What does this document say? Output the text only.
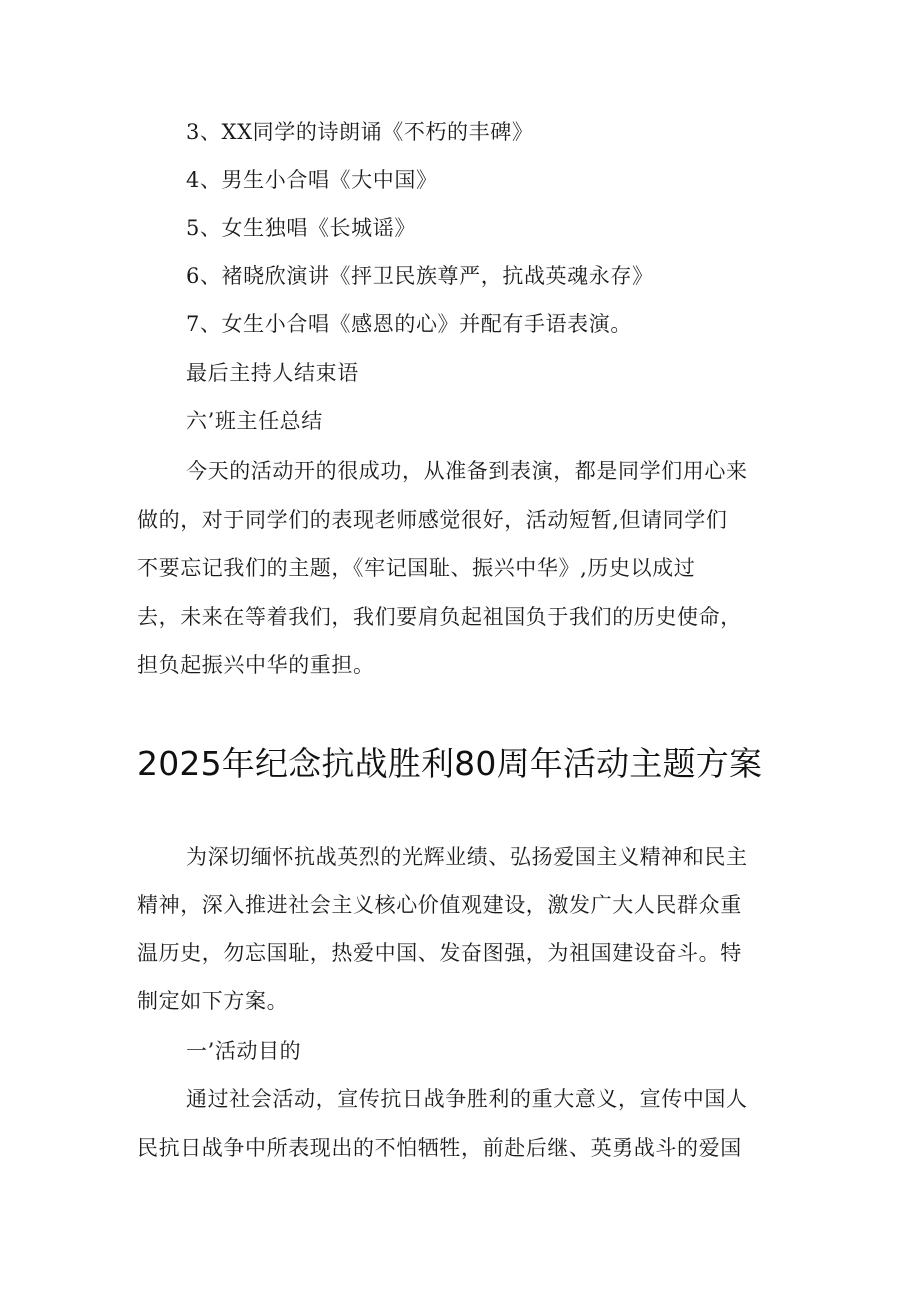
3、XX同学的诗朗诵《不朽的丰碑》
4、男生小合唱《大中国》
5、女生独唱《长城谣》
6、褚晓欣演讲《抨卫民族尊严，抗战英魂永存》
7、女生小合唱《感恩的心》并配有手语表演。
最后主持人结束语
六’班主任总结
今天的活动开的很成功，从准备到表演，都是同学们用心来
做的，对于同学们的表现老师感觉很好，活动短暂,但请同学们
不要忘记我们的主题，《牢记国耻、振兴中华》,历史以成过
去，未来在等着我们，我们要肩负起祖国负于我们的历史使命，
担负起振兴中华的重担。
2025年纪念抗战胜利80周年活动主题方案
为深切缅怀抗战英烈的光辉业绩、弘扬爱国主义精神和民主
精神，深入推进社会主义核心价值观建设，激发广大人民群众重
温历史，勿忘国耻，热爱中国、发奋图强，为祖国建设奋斗。特
制定如下方案。
一’活动目的
通过社会活动，宣传抗日战争胜利的重大意义，宣传中国人
民抗日战争中所表现出的不怕牺牲，前赴后继、英勇战斗的爱国
